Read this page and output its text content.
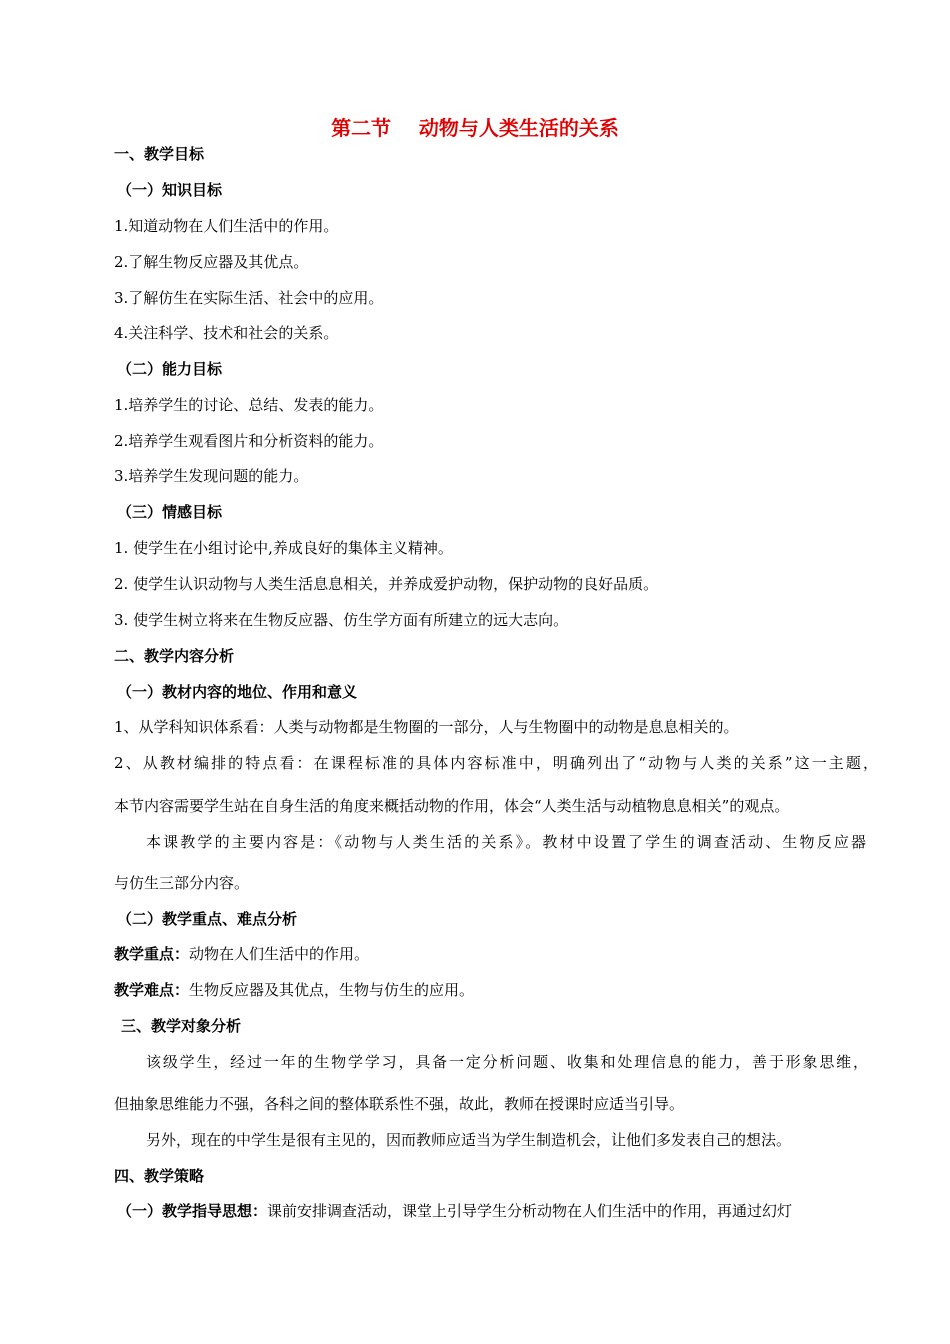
第二节    动物与人类生活的关系
一、教学目标
（一）知识目标
1.知道动物在人们生活中的作用。
2.了解生物反应器及其优点。
3.了解仿生在实际生活、社会中的应用。
4.关注科学、技术和社会的关系。
（二）能力目标
1.培养学生的讨论、总结、发表的能力。
2.培养学生观看图片和分析资料的能力。
3.培养学生发现问题的能力。
（三）情感目标
1. 使学生在小组讨论中,养成良好的集体主义精神。
2. 使学生认识动物与人类生活息息相关，并养成爱护动物，保护动物的良好品质。
3. 使学生树立将来在生物反应器、仿生学方面有所建立的远大志向。
二、教学内容分析
（一）教材内容的地位、作用和意义
1、从学科知识体系看：人类与动物都是生物圈的一部分，人与生物圈中的动物是息息相关的。
2、从教材编排的特点看：在课程标准的具体内容标准中，明确列出了“动物与人类的关系”这一主题，
本节内容需要学生站在自身生活的角度来概括动物的作用，体会“人类生活与动植物息息相关”的观点。
本课教学的主要内容是：《动物与人类生活的关系》。教材中设置了学生的调查活动、生物反应器
与仿生三部分内容。
（二）教学重点、难点分析
教学重点：动物在人们生活中的作用。
教学难点：生物反应器及其优点，生物与仿生的应用。
三、教学对象分析
该级学生，经过一年的生物学学习，具备一定分析问题、收集和处理信息的能力，善于形象思维，
但抽象思维能力不强，各科之间的整体联系性不强，故此，教师在授课时应适当引导。
另外，现在的中学生是很有主见的，因而教师应适当为学生制造机会，让他们多发表自己的想法。
四、教学策略
（一）教学指导思想：课前安排调查活动，课堂上引导学生分析动物在人们生活中的作用，再通过幻灯
